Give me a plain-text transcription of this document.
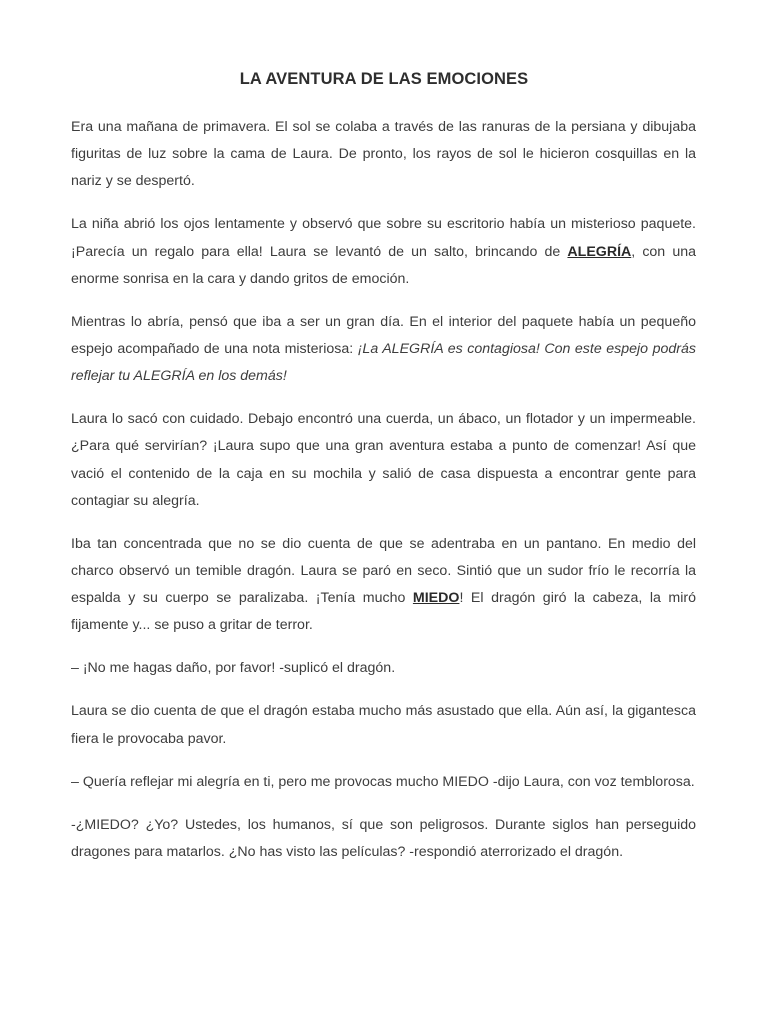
LA AVENTURA DE LAS EMOCIONES

Era una mañana de primavera. El sol se colaba a través de las ranuras de la persiana y dibujaba figuritas de luz sobre la cama de Laura. De pronto, los rayos de sol le hicieron cosquillas en la nariz y se despertó.

La niña abrió los ojos lentamente y observó que sobre su escritorio había un misterioso paquete. ¡Parecía un regalo para ella! Laura se levantó de un salto, brincando de ALEGRÍA, con una enorme sonrisa en la cara y dando gritos de emoción.

Mientras lo abría, pensó que iba a ser un gran día. En el interior del paquete había un pequeño espejo acompañado de una nota misteriosa: ¡La ALEGRÍA es contagiosa! Con este espejo podrás reflejar tu ALEGRÍA en los demás!

Laura lo sacó con cuidado. Debajo encontró una cuerda, un ábaco, un flotador y un impermeable. ¿Para qué servirían? ¡Laura supo que una gran aventura estaba a punto de comenzar! Así que vació el contenido de la caja en su mochila y salió de casa dispuesta a encontrar gente para contagiar su alegría.

Iba tan concentrada que no se dio cuenta de que se adentraba en un pantano. En medio del charco observó un temible dragón. Laura se paró en seco. Sintió que un sudor frío le recorría la espalda y su cuerpo se paralizaba. ¡Tenía mucho MIEDO! El dragón giró la cabeza, la miró fijamente y... se puso a gritar de terror.

– ¡No me hagas daño, por favor! -suplicó el dragón.

Laura se dio cuenta de que el dragón estaba mucho más asustado que ella. Aún así, la gigantesca fiera le provocaba pavor.

– Quería reflejar mi alegría en ti, pero me provocas mucho MIEDO -dijo Laura, con voz temblorosa.

-¿MIEDO? ¿Yo? Ustedes, los humanos, sí que son peligrosos. Durante siglos han perseguido dragones para matarlos. ¿No has visto las películas? -respondió aterrorizado el dragón.
